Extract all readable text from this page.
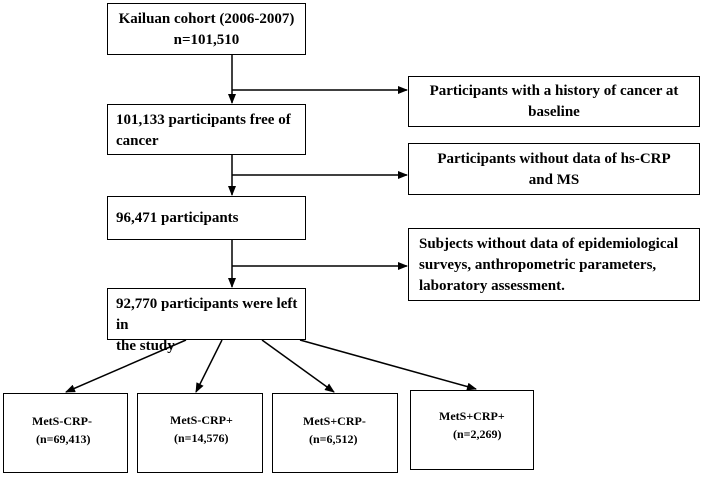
Kailuan cohort (2006-2007)
n=101,510
101,133 participants free of
cancer
96,471 participants
92,770 participants were left in
the study
Participants with a history of cancer at
baseline
Participants without data of hs-CRP
and MS
Subjects without data of epidemiological
surveys, anthropometric parameters,
laboratory assessment.
MetS-CRP-
(n=69,413)
MetS-CRP+
(n=14,576)
MetS+CRP-
(n=6,512)
MetS+CRP+
(n=2,269)
